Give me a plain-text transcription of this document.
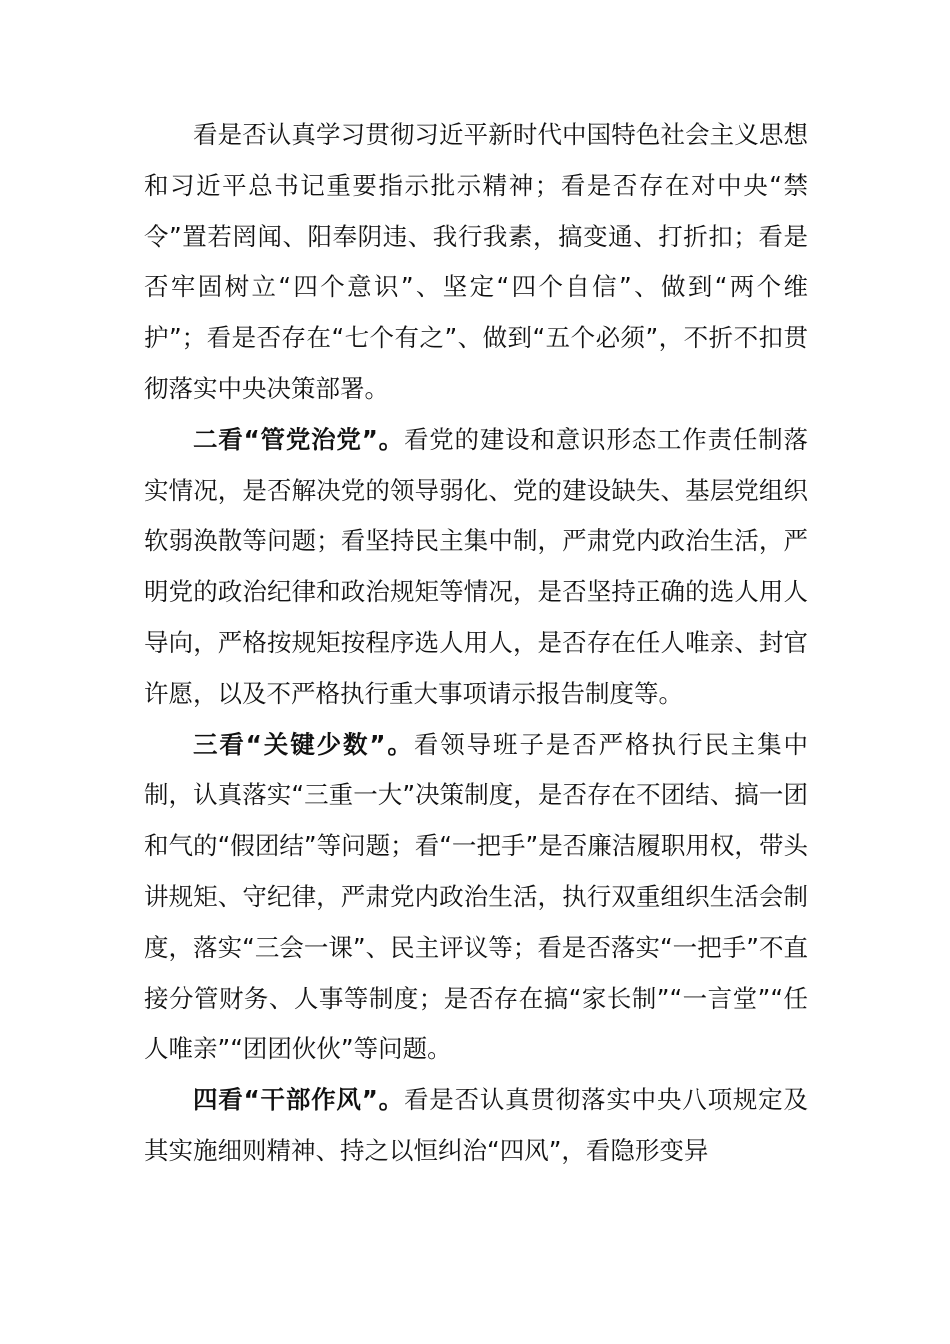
看是否认真学习贯彻习近平新时代中国特色社会主义思想和习近平总书记重要指示批示精神；看是否存在对中央“禁令”置若罔闻、阳奉阴违、我行我素，搞变通、打折扣；看是否牢固树立“四个意识”、坚定“四个自信”、做到“两个维护”；看是否存在“七个有之”、做到“五个必须”，不折不扣贯彻落实中央决策部署。

二看“管党治党”。看党的建设和意识形态工作责任制落实情况，是否解决党的领导弱化、党的建设缺失、基层党组织软弱涣散等问题；看坚持民主集中制，严肃党内政治生活，严明党的政治纪律和政治规矩等情况，是否坚持正确的选人用人导向，严格按规矩按程序选人用人，是否存在任人唯亲、封官许愿，以及不严格执行重大事项请示报告制度等。

三看“关键少数”。看领导班子是否严格执行民主集中制，认真落实“三重一大”决策制度，是否存在不团结、搞一团和气的“假团结”等问题；看“一把手”是否廉洁履职用权，带头讲规矩、守纪律，严肃党内政治生活，执行双重组织生活会制度，落实“三会一课”、民主评议等；看是否落实“一把手”不直接分管财务、人事等制度；是否存在搞“家长制”“一言堂”“任人唯亲”“团团伙伙”等问题。

四看“干部作风”。看是否认真贯彻落实中央八项规定及其实施细则精神、持之以恒纠治“四风”，看隐形变异
